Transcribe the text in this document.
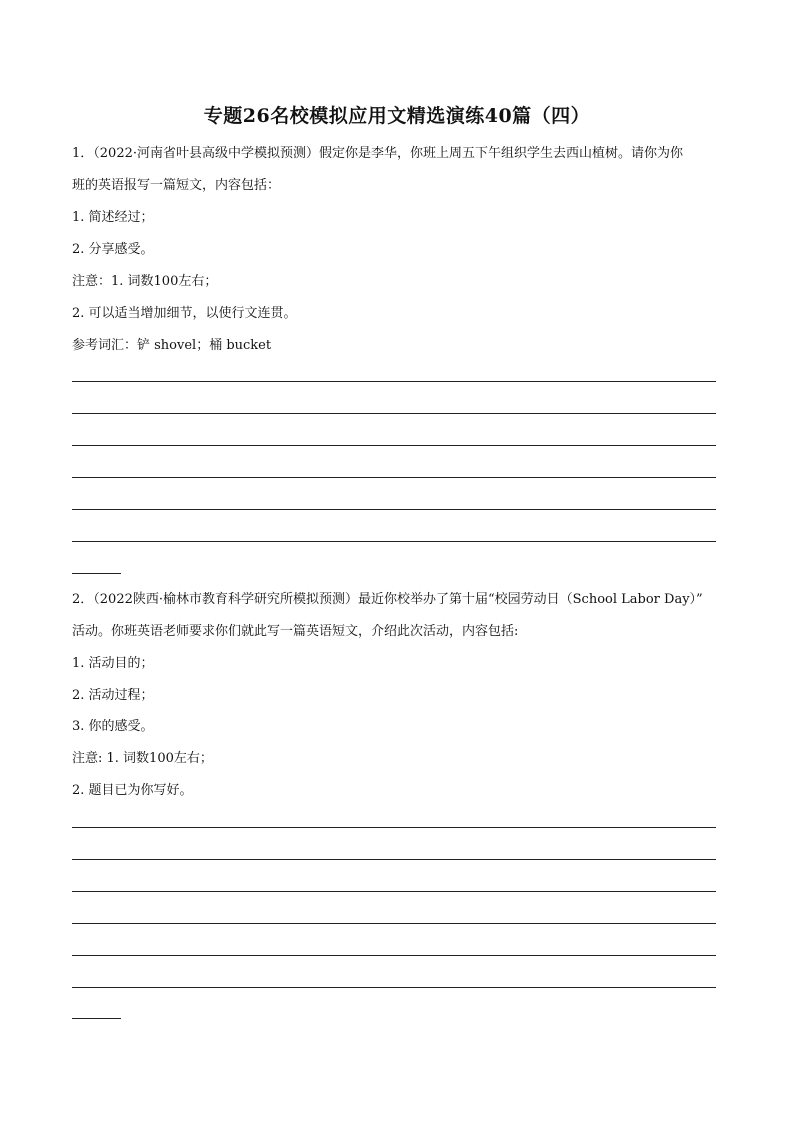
专题26名校模拟应用文精选演练40篇（四）
1．（2022·河南省叶县高级中学模拟预测）假定你是李华，你班上周五下午组织学生去西山植树。请你为你
班的英语报写一篇短文，内容包括：
1. 简述经过；
2. 分享感受。
注意：1. 词数100左右；
2. 可以适当增加细节，以使行文连贯。
参考词汇：铲 shovel；桶 bucket
2．（2022陕西·榆林市教育科学研究所模拟预测）最近你校举办了第十届“校园劳动日（School Labor Day）”
活动。你班英语老师要求你们就此写一篇英语短文，介绍此次活动，内容包括:
1. 活动目的；
2. 活动过程；
3. 你的感受。
注意: 1. 词数100左右；
2. 题目已为你写好。
